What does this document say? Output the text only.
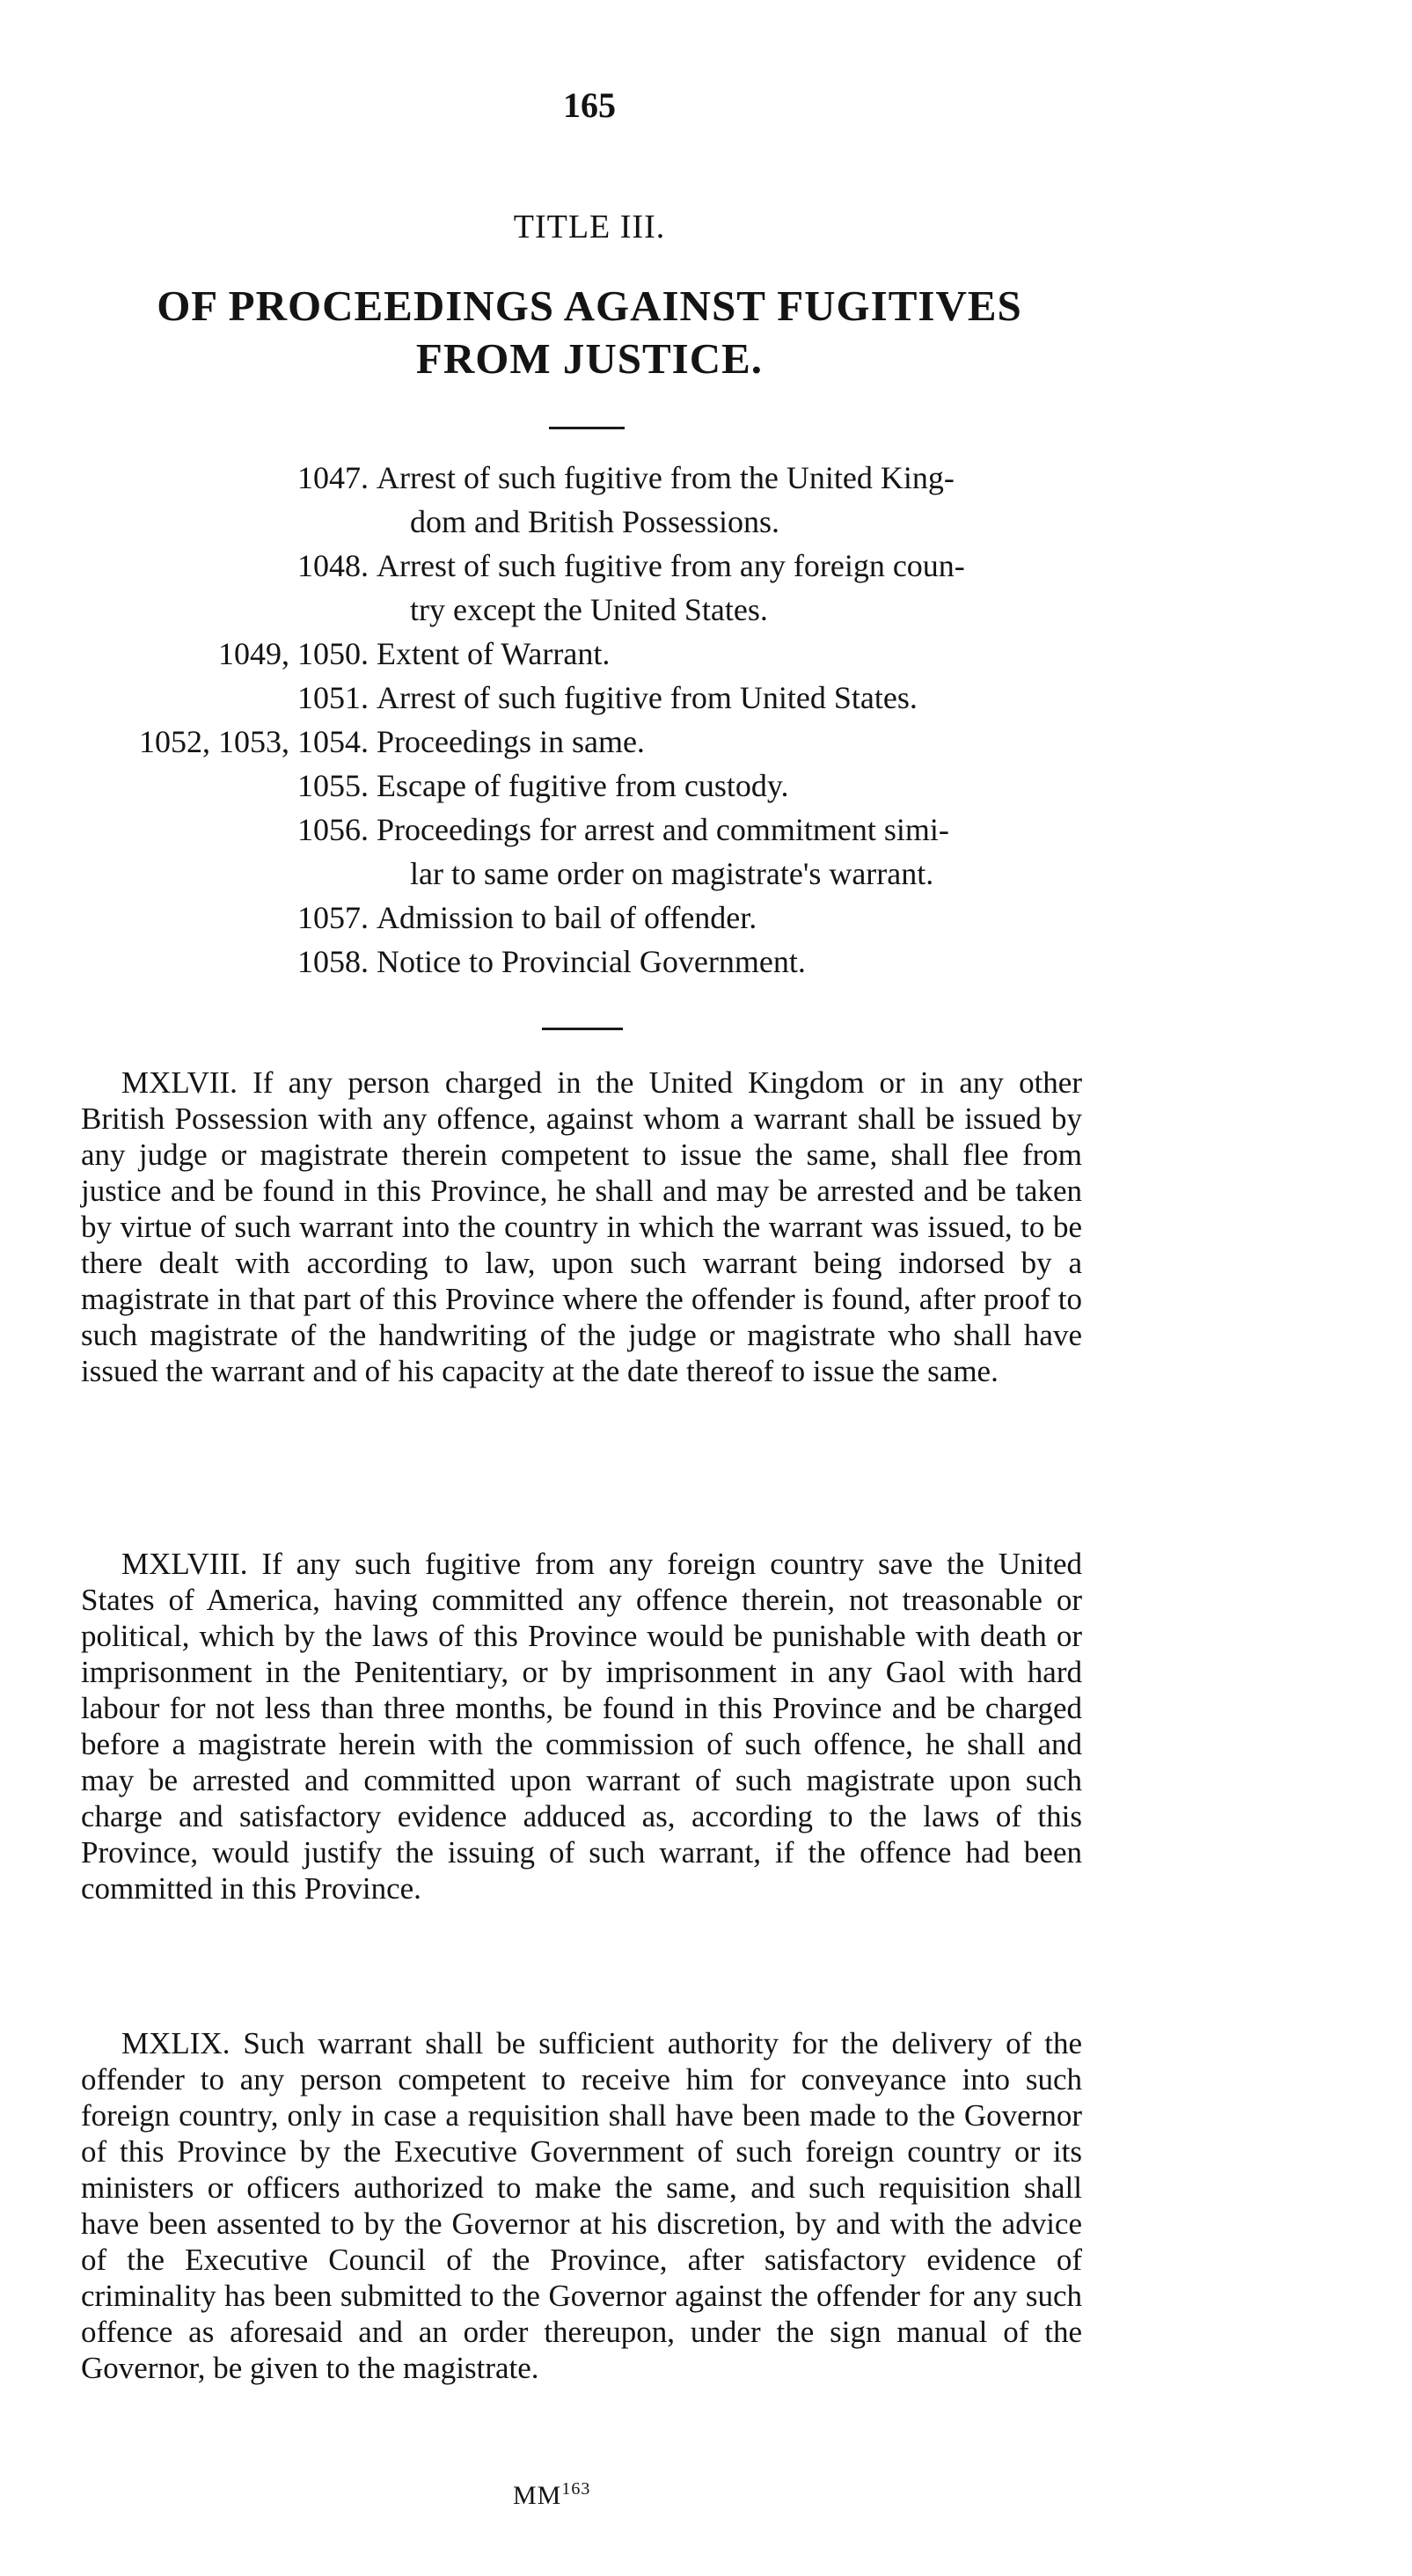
165
TITLE III.
OF PROCEEDINGS AGAINST FUGITIVES
FROM JUSTICE.
1047. Arrest of such fugitive from the United King-
dom and British Possessions.
1048. Arrest of such fugitive from any foreign coun-
try except the United States.
1049, 1050. Extent of Warrant.
1051. Arrest of such fugitive from United States.
1052, 1053, 1054. Proceedings in same.
1055. Escape of fugitive from custody.
1056. Proceedings for arrest and commitment simi-
lar to same order on magistrate's warrant.
1057. Admission to bail of offender.
1058. Notice to Provincial Government.

MXLVII. If any person charged in the United Kingdom or in any other British Possession with any offence, against whom a warrant shall be issued by any judge or magistrate therein competent to issue the same, shall flee from justice and be found in this Province, he shall and may be arrested and be taken by virtue of such warrant into the country in which the warrant was issued, to be there dealt with according to law, upon such warrant being indorsed by a magistrate in that part of this Province where the offender is found, after proof to such magistrate of the handwriting of the judge or magistrate who shall have issued the warrant and of his capacity at the date thereof to issue the same.

MXLVIII. If any such fugitive from any foreign country save the United States of America, having committed any offence therein, not treasonable or political, which by the laws of this Province would be punishable with death or imprisonment in the Penitentiary, or by imprisonment in any Gaol with hard labour for not less than three months, be found in this Province and be charged before a magistrate herein with the commission of such offence, he shall and may be arrested and committed upon warrant of such magistrate upon such charge and satisfactory evidence adduced as, according to the laws of this Province, would justify the issuing of such warrant, if the offence had been committed in this Province.

MXLIX. Such warrant shall be sufficient authority for the delivery of the offender to any person competent to receive him for conveyance into such foreign country, only in case a requisition shall have been made to the Governor of this Province by the Executive Government of such foreign country or its ministers or officers authorized to make the same, and such requisition shall have been assented to by the Governor at his discretion, by and with the advice of the Executive Council of the Province, after satisfactory evidence of criminality has been submitted to the Governor against the offender for any such offence as aforesaid and an order thereupon, under the sign manual of the Governor, be given to the magistrate.

MM$^{163}$
